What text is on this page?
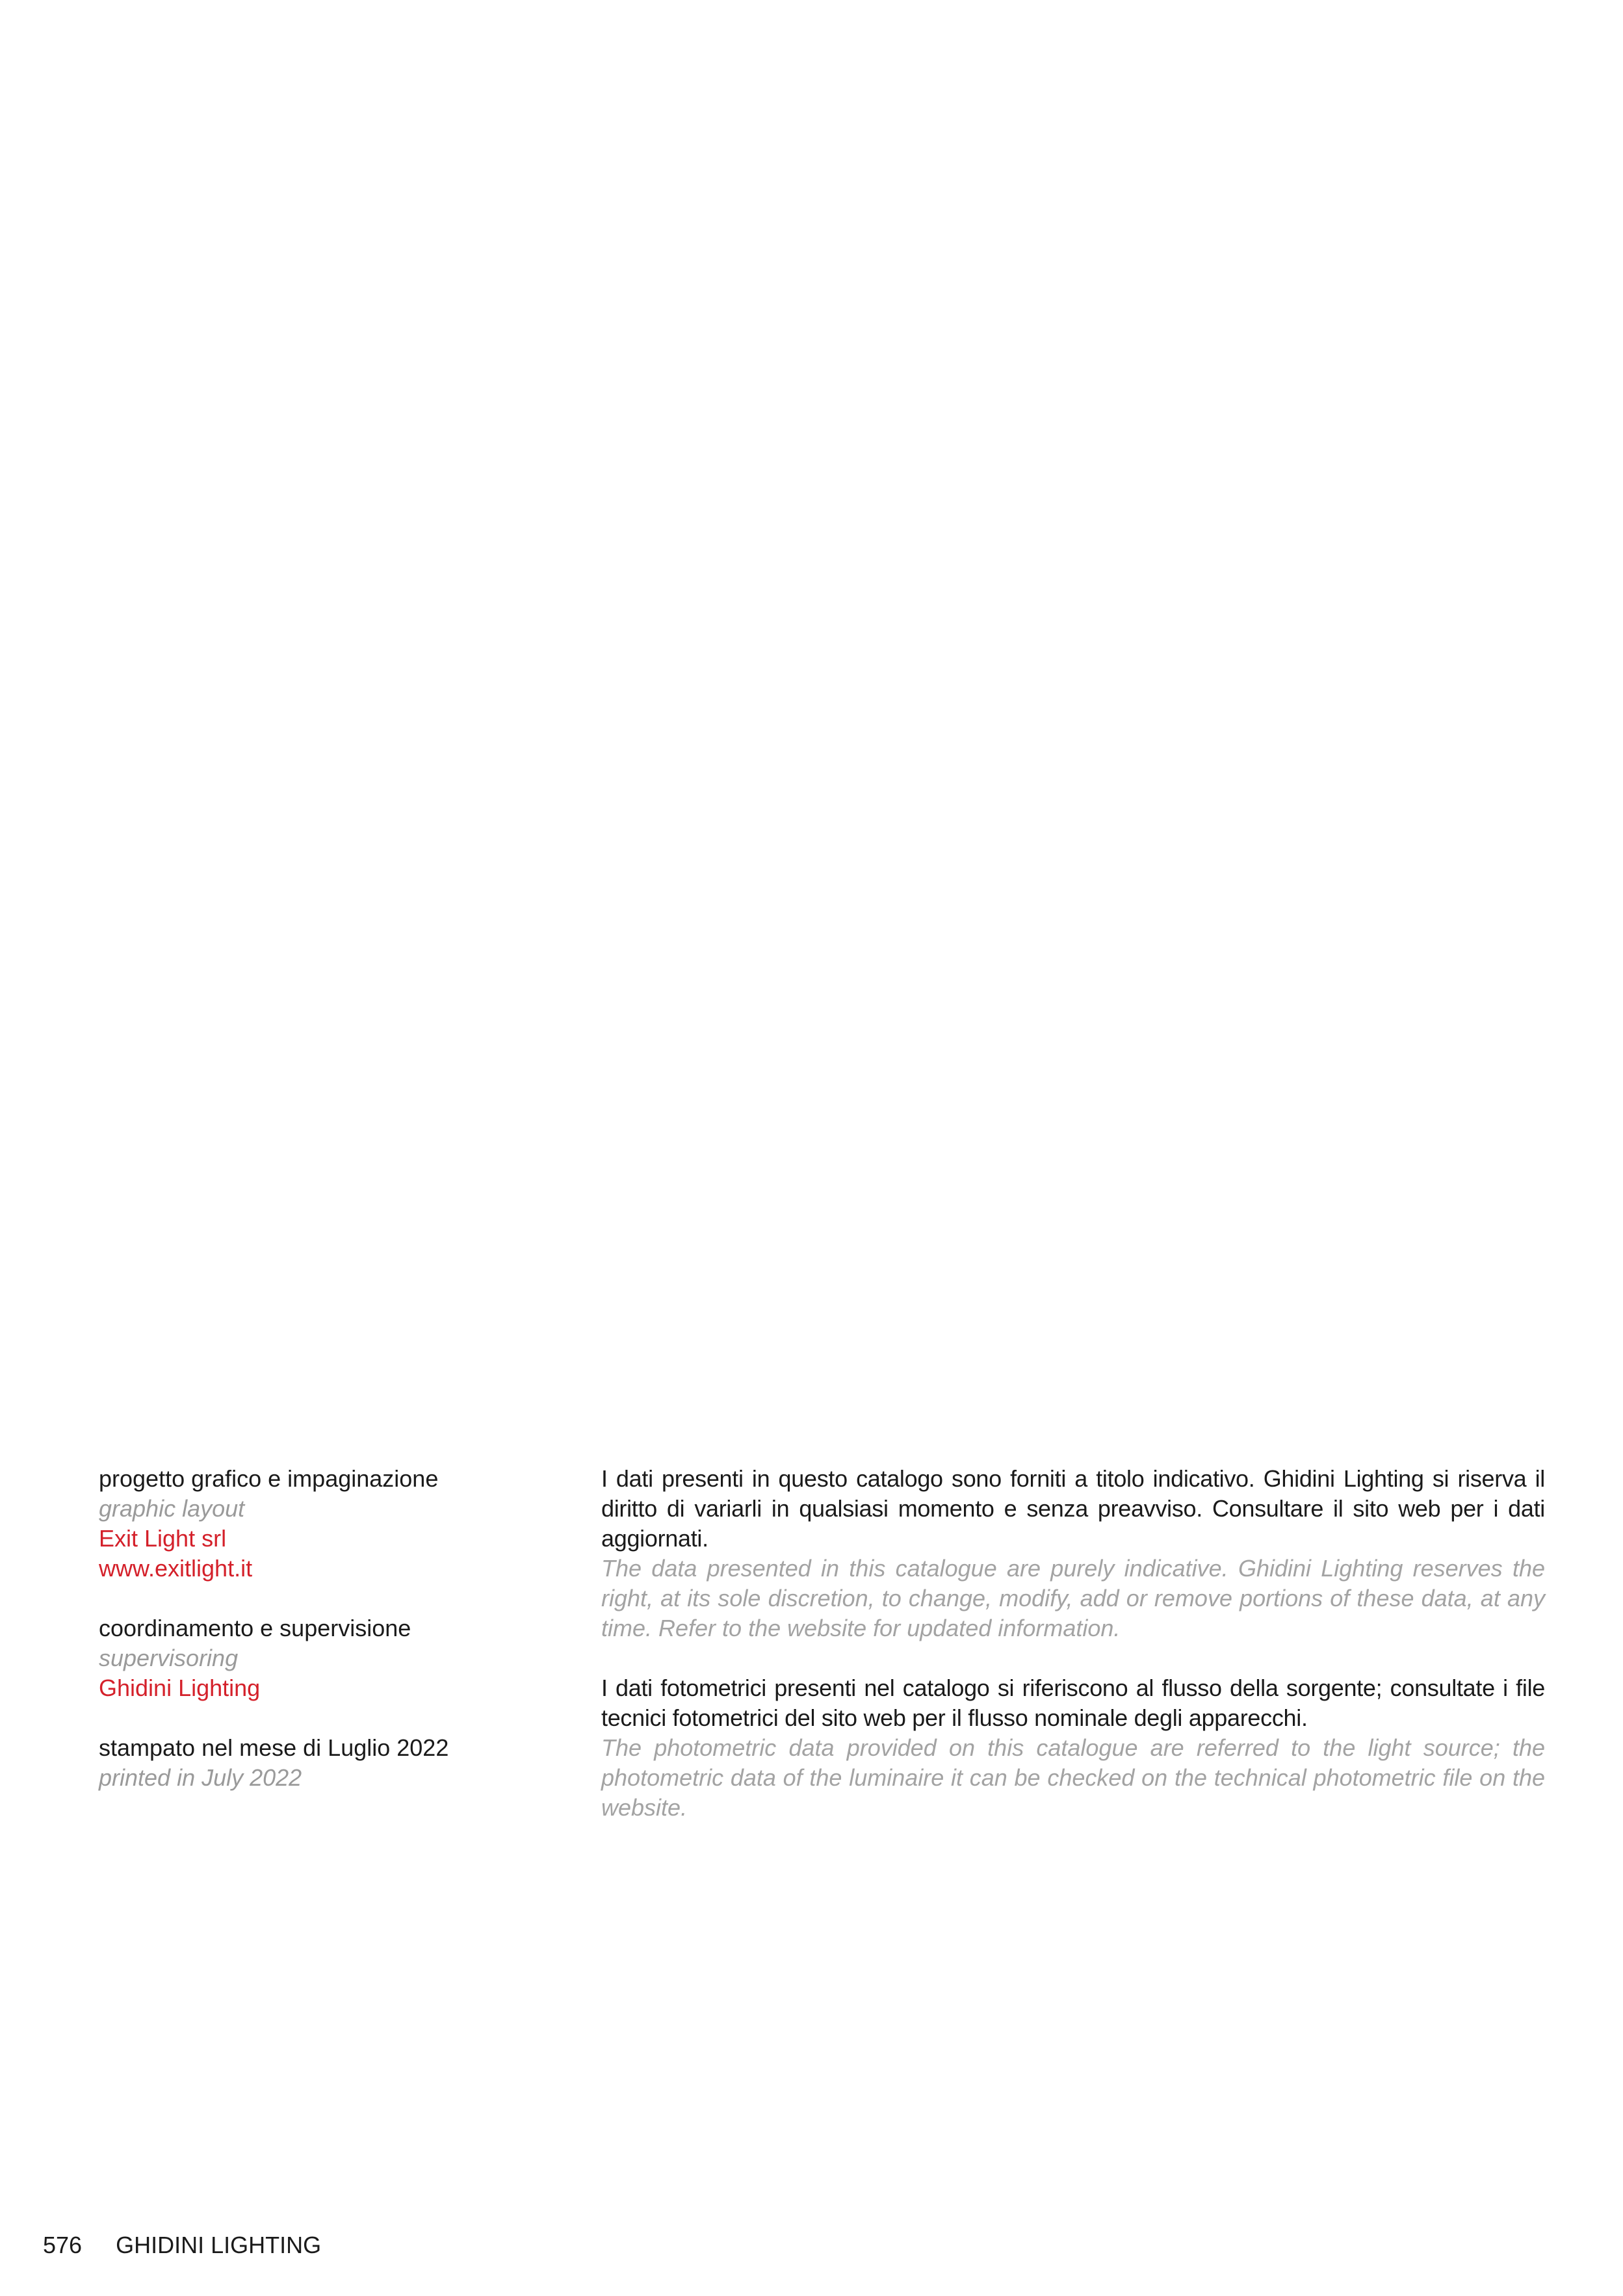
progetto grafico e impaginazione
graphic layout
Exit Light srl
www.exitlight.it
coordinamento e supervisione
supervisoring
Ghidini Lighting
stampato nel mese di Luglio 2022
printed in July 2022
I dati presenti in questo catalogo sono forniti a titolo indicativo. Ghidini Lighting si riserva il diritto di variarli in qualsiasi momento e senza preavviso. Consultare il sito web per i dati aggiornati.
The data presented in this catalogue are purely indicative. Ghidini Lighting reserves the right, at its sole discretion, to change, modify, add or remove portions of these data, at any time. Refer to the website for updated information.
I dati fotometrici presenti nel catalogo si riferiscono al flusso della sorgente; consultate i file tecnici fotometrici del sito web per il flusso nominale degli apparecchi.
The photometric data provided on this catalogue are referred to the light source; the photometric data of the luminaire it can be checked on the technical photometric file on the website.
576 GHIDINI LIGHTING
